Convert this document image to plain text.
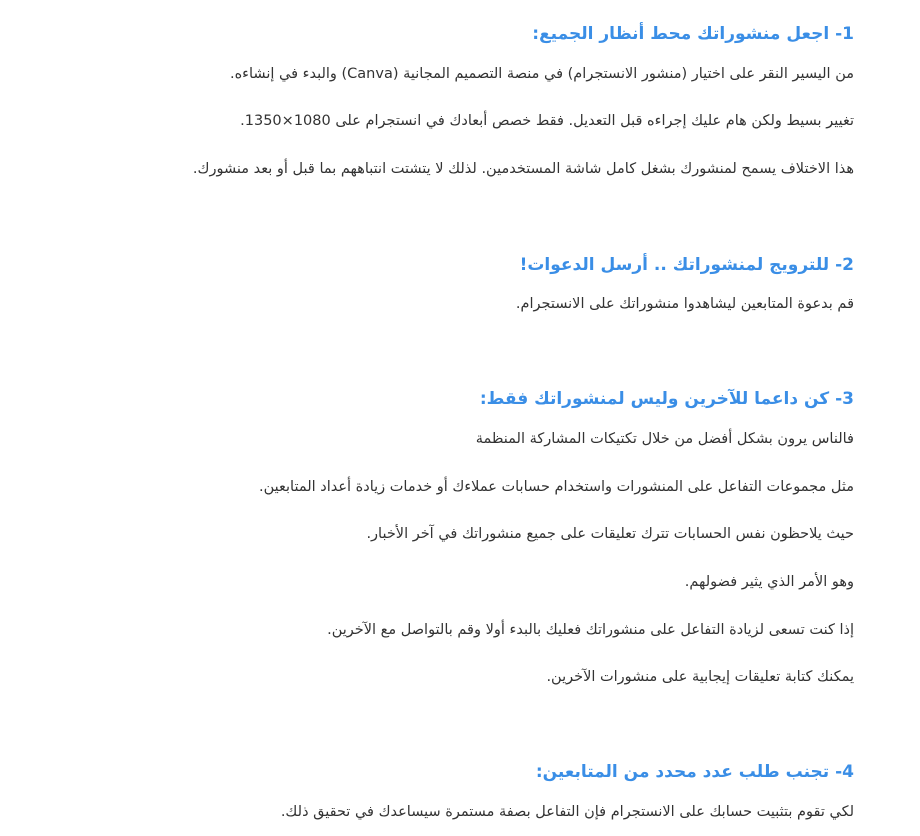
1- اجعل منشوراتك محط أنظار الجميع:

من اليسير النقر على اختيار (منشور الانستجرام) في منصة التصميم المجانية (Canva) والبدء في إنشاءه.

تغيير بسيط ولكن هام عليك إجراءه قبل التعديل. فقط خصص أبعادك في انستجرام على 1080×1350.

هذا الاختلاف يسمح لمنشورك بشغل كامل شاشة المستخدمين. لذلك لا يتشتت انتباههم بما قبل أو بعد منشورك.

2- للترويج لمنشوراتك .. أرسل الدعوات!

قم بدعوة المتابعين ليشاهدوا منشوراتك على الانستجرام.

3- كن داعما للآخرين وليس لمنشوراتك فقط:

فالناس يرون بشكل أفضل من خلال تكتيكات المشاركة المنظمة

مثل مجموعات التفاعل على المنشورات واستخدام حسابات عملاءك أو خدمات زيادة أعداد المتابعين.

حيث يلاحظون نفس الحسابات تترك تعليقات على جميع منشوراتك في آخر الأخبار.

وهو الأمر الذي يثير فضولهم.

إذا كنت تسعى لزيادة التفاعل على منشوراتك فعليك بالبدء أولا وقم بالتواصل مع الآخرين.

يمكنك كتابة تعليقات إيجابية على منشورات الآخرين.

4- تجنب طلب عدد محدد من المتابعين:

لكي تقوم بتثبيت حسابك على الانستجرام فإن التفاعل بصفة مستمرة سيساعدك في تحقيق ذلك.
